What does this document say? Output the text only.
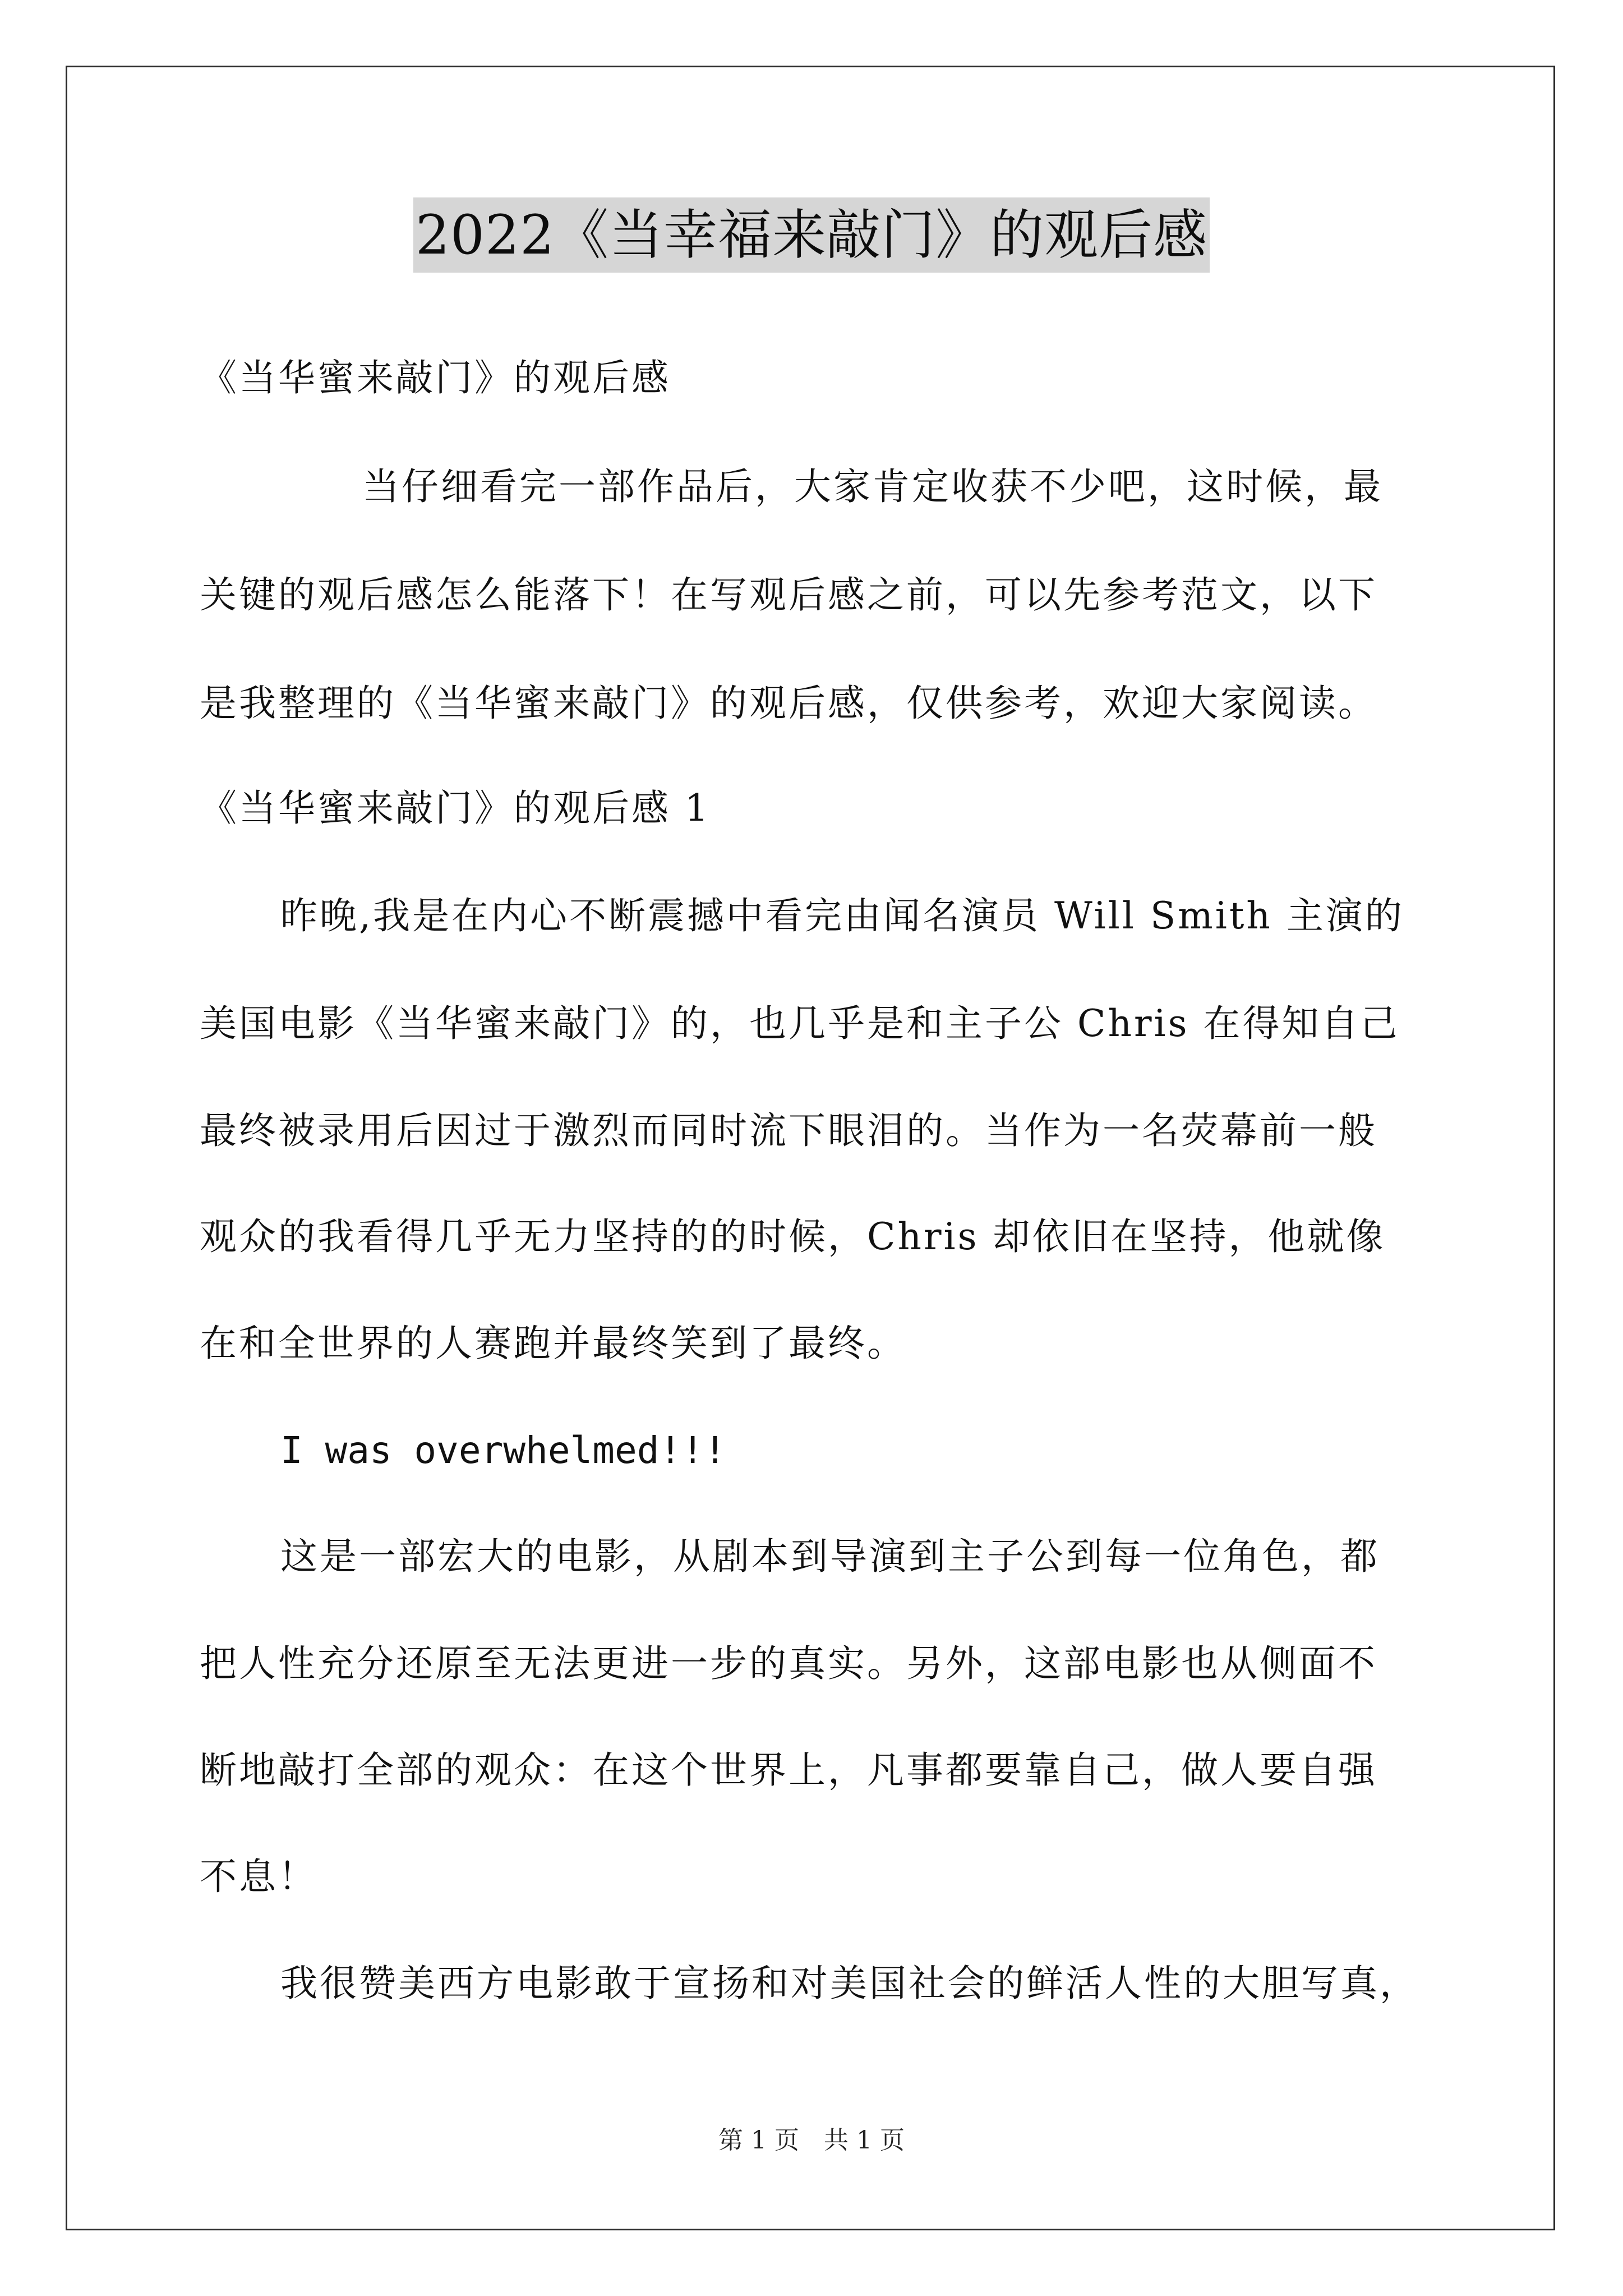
2022《当幸福来敲门》的观后感
《当华蜜来敲门》的观后感
当仔细看完一部作品后，大家肯定收获不少吧，这时候，最
关键的观后感怎么能落下！在写观后感之前，可以先参考范文，以下
是我整理的《当华蜜来敲门》的观后感，仅供参考，欢迎大家阅读。
《当华蜜来敲门》的观后感 1
昨晚,我是在内心不断震撼中看完由闻名演员 Will Smith 主演的
美国电影《当华蜜来敲门》的，也几乎是和主子公 Chris 在得知自己
最终被录用后因过于激烈而同时流下眼泪的。当作为一名荧幕前一般
观众的我看得几乎无力坚持的的时候，Chris 却依旧在坚持，他就像
在和全世界的人赛跑并最终笑到了最终。
I was overwhelmed!!!
这是一部宏大的电影，从剧本到导演到主子公到每一位角色，都
把人性充分还原至无法更进一步的真实。另外，这部电影也从侧面不
断地敲打全部的观众：在这个世界上，凡事都要靠自己，做人要自强
不息！
我很赞美西方电影敢于宣扬和对美国社会的鲜活人性的大胆写真，
第 1 页　共 1 页
